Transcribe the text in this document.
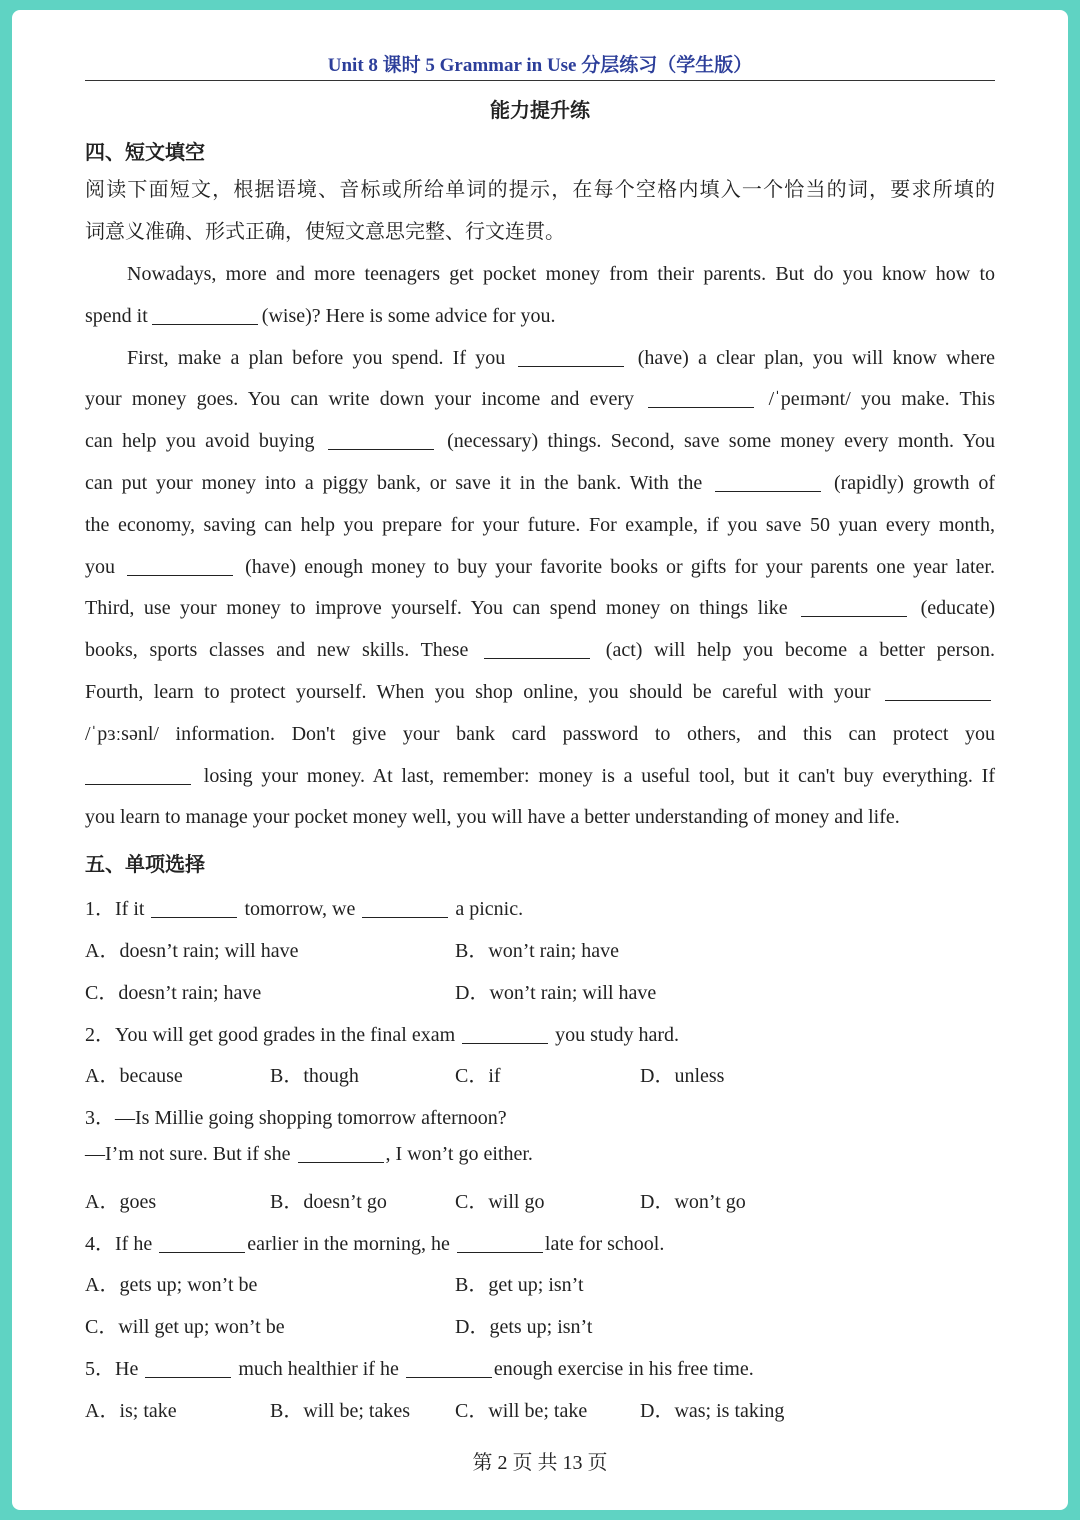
Unit 8 课时 5 Grammar in Use 分层练习（学生版）
能力提升练
四、短文填空
阅读下面短文，根据语境、音标或所给单词的提示，在每个空格内填入一个恰当的词，要求所填的
词意义准确、形式正确，使短文意思完整、行文连贯。
Nowadays, more and more teenagers get pocket money from their parents. But do you know how to
spend it	(wise)? Here is some advice for you.
First, make a plan before you spend. If you	(have) a clear plan, you will know where
your money goes. You can write down your income and every	/ˈpeɪmənt/ you make. This
can help you avoid buying	(necessary) things. Second, save some money every month. You
can put your money into a piggy bank, or save it in the bank. With the	(rapidly) growth of
the economy, saving can help you prepare for your future. For example, if you save 50 yuan every month,
you	(have) enough money to buy your favorite books or gifts for your parents one year later.
Third, use your money to improve yourself. You can spend money on things like	(educate)
books, sports classes and new skills. These	(act) will help you become a better person.
Fourth, learn to protect yourself. When you shop online, you should be careful with your
/ˈpɜːsənl/ information. Don't give your bank card password to others, and this can protect you
losing your money. At last, remember: money is a useful tool, but it can't buy everything. If
you learn to manage your pocket money well, you will have a better understanding of money and life.
五、单项选择
1．If it	tomorrow, we	a picnic.
A．doesn’t rain; will have	B．won’t rain; have
C．doesn’t rain; have	D．won’t rain; will have
2．You will get good grades in the final exam	you study hard.
A．because	B．though	C．if	D．unless
3．—Is Millie going shopping tomorrow afternoon?
—I’m not sure. But if she	, I won’t go either.
A．goes	B．doesn’t go	C．will go	D．won’t go
4．If he	earlier in the morning, he	late for school.
A．gets up; won’t be	B．get up; isn’t
C．will get up; won’t be	D．gets up; isn’t
5．He	much healthier if he	enough exercise in his free time.
A．is; take	B．will be; takes C．will be; take	D．was; is taking
第 2 页 共 13 页
